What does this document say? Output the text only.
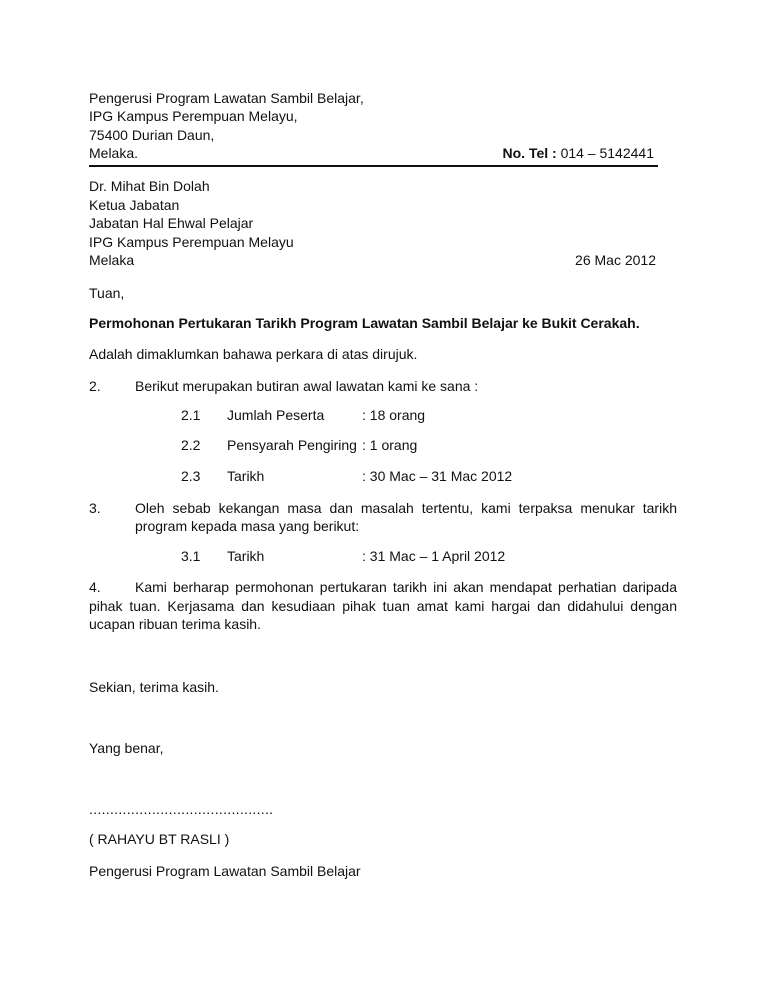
Pengerusi Program Lawatan Sambil Belajar,
IPG Kampus Perempuan Melayu,
75400 Durian Daun,
Melaka.	No. Tel : 014 – 5142441
Dr. Mihat Bin Dolah
Ketua Jabatan
Jabatan Hal Ehwal Pelajar
IPG Kampus Perempuan Melayu
Melaka	26 Mac 2012
Tuan,
Permohonan Pertukaran Tarikh Program Lawatan Sambil Belajar ke Bukit Cerakah.
Adalah dimaklumkan bahawa perkara di atas dirujuk.
2. Berikut merupakan butiran awal lawatan kami ke sana :
2.1 Jumlah Peserta	: 18 orang
2.2 Pensyarah Pengiring : 1 orang
2.3 Tarikh	: 30 Mac – 31 Mac 2012
3. Oleh sebab kekangan masa dan masalah tertentu, kami terpaksa menukar tarikh
program kepada masa yang berikut:
3.1 Tarikh	: 31 Mac – 1 April 2012
4. Kami berharap permohonan pertukaran tarikh ini akan mendapat perhatian daripada
pihak tuan. Kerjasama dan kesudiaan pihak tuan amat kami hargai dan didahului dengan
ucapan ribuan terima kasih.
Sekian, terima kasih.
Yang benar,
............................................
( RAHAYU BT RASLI )
Pengerusi Program Lawatan Sambil Belajar
